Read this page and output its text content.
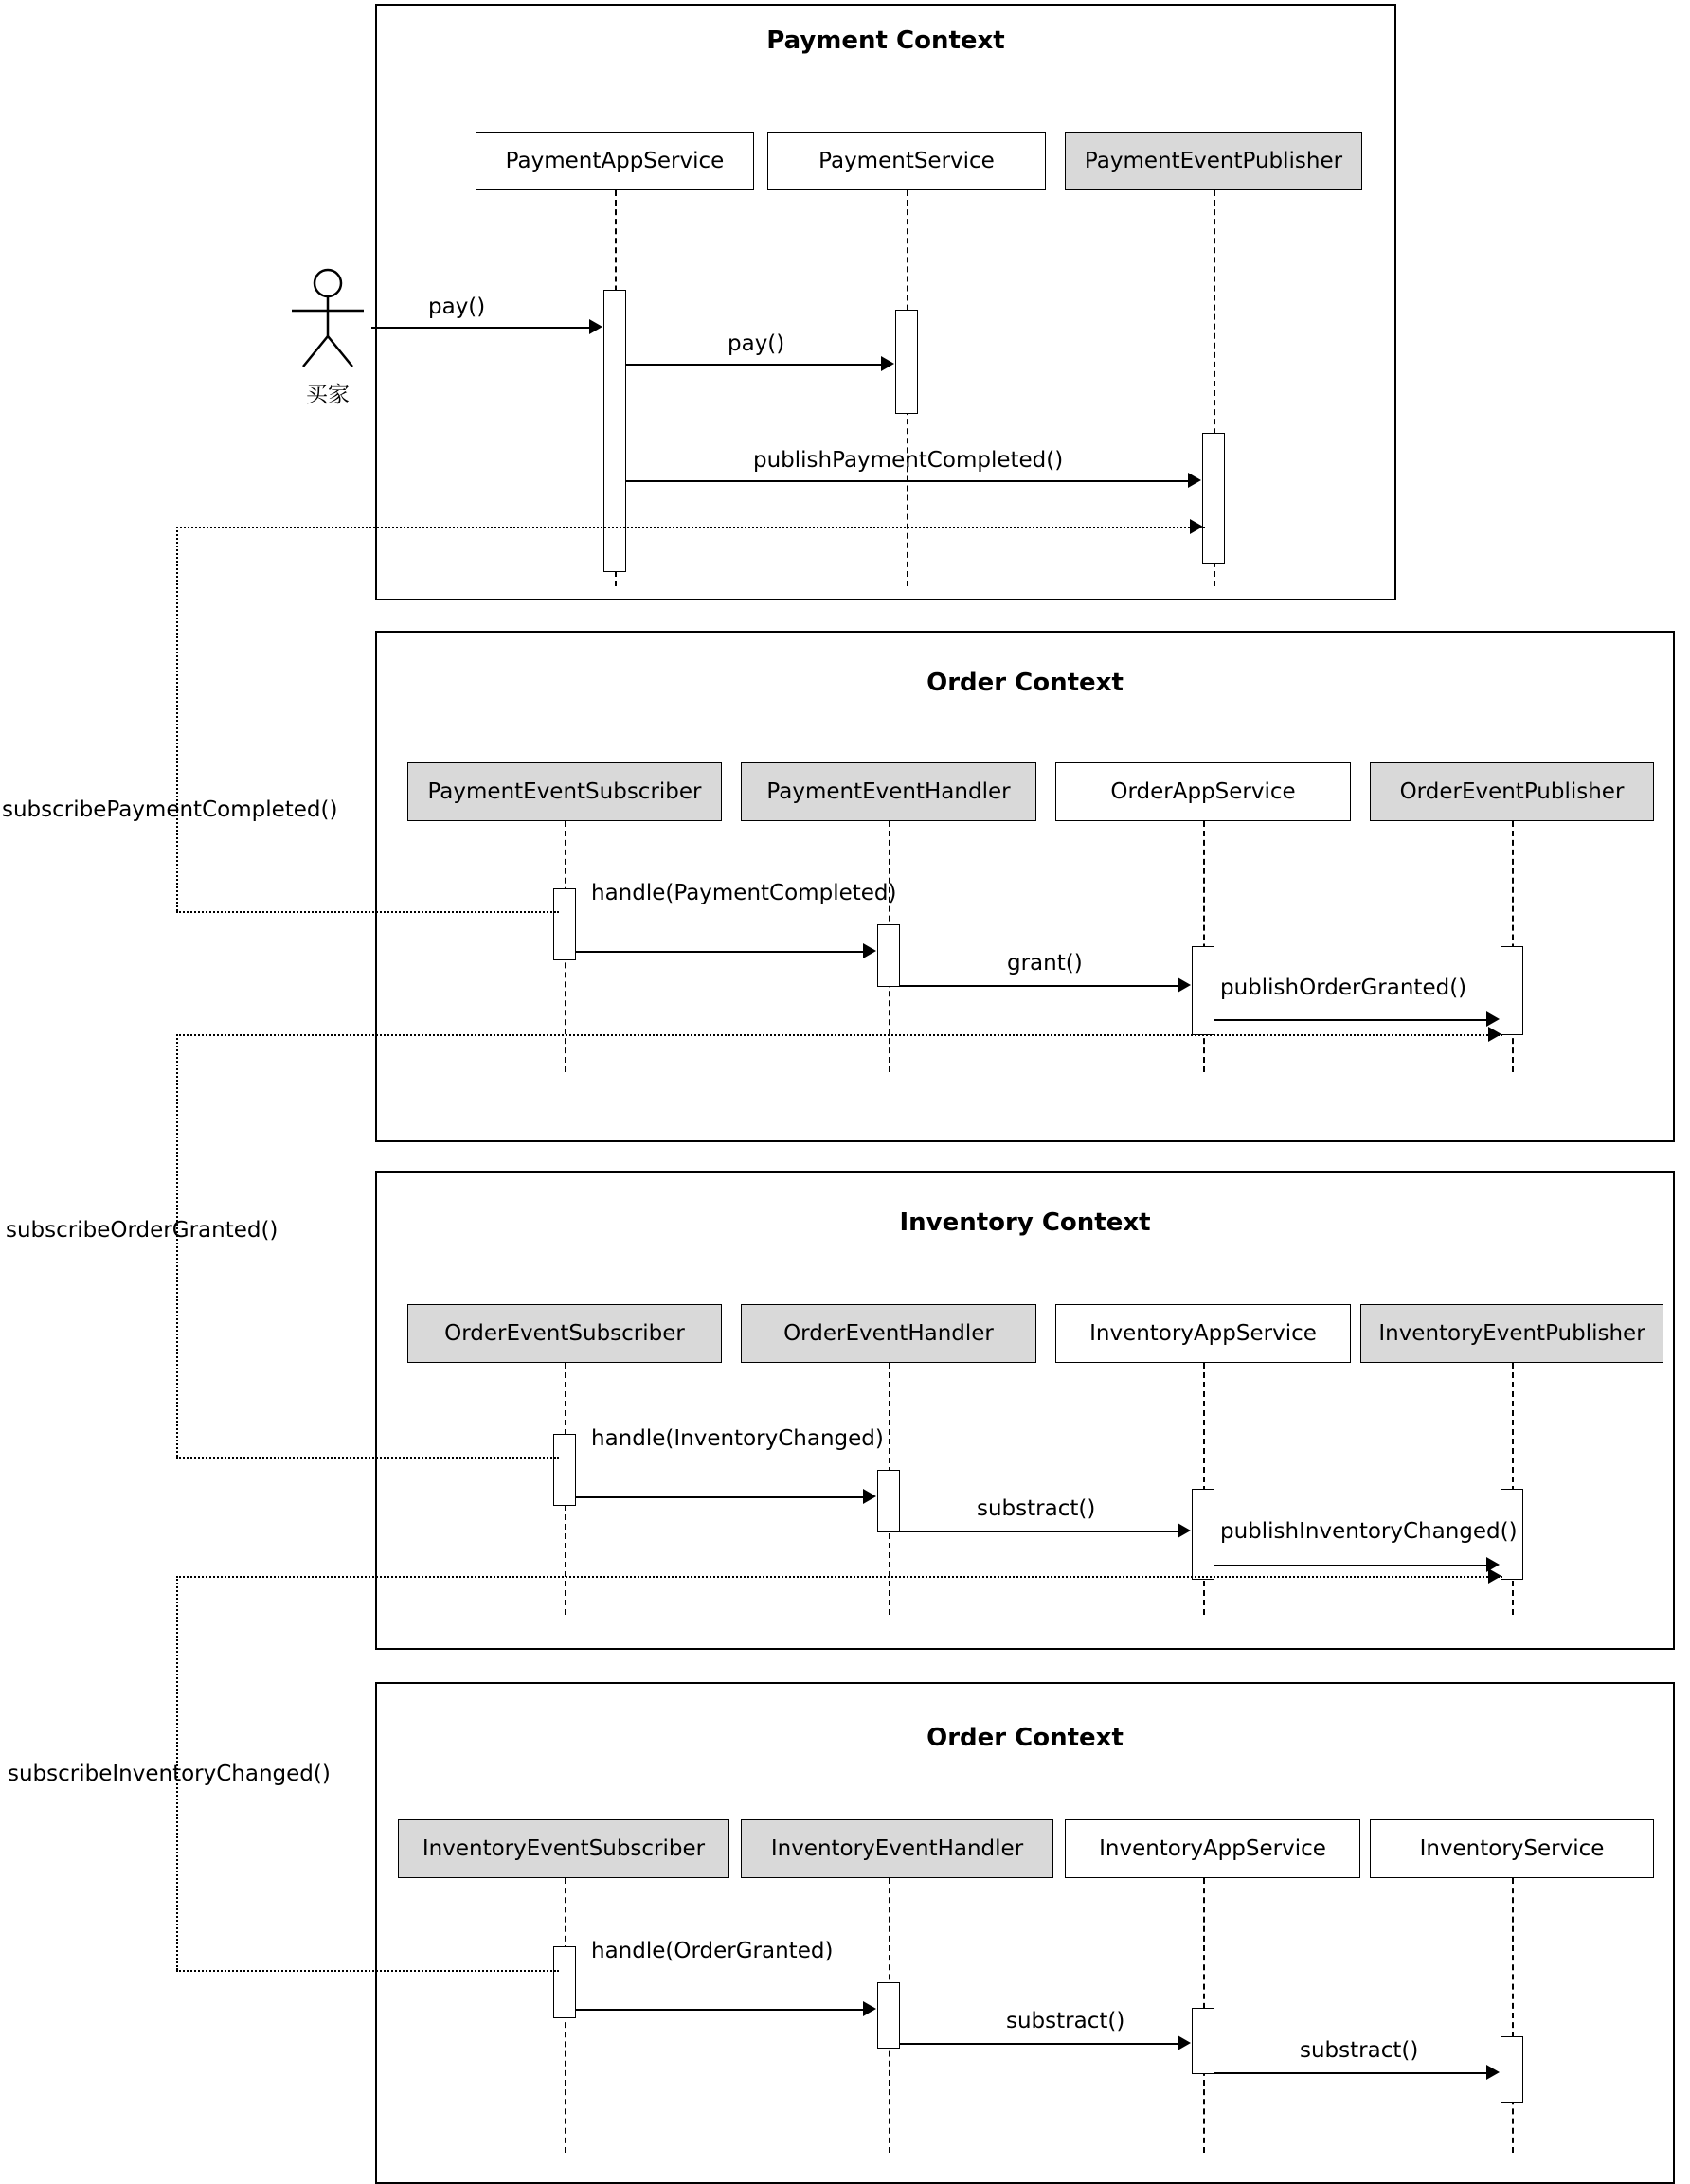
Payment Context
PaymentAppService	PaymentService	PaymentEventPublisher
买家
pay()
pay()
publishPaymentCompleted()
Order Context
PaymentEventSubscriber	PaymentEventHandler	OrderAppService	OrderEventPublisher
handle(PaymentCompleted)
grant()
publishOrderGranted()
Inventory Context
OrderEventSubscriber	OrderEventHandler	InventoryAppService	InventoryEventPublisher
handle(InventoryChanged)
substract()
publishInventoryChanged()
Order Context
InventoryEventSubscriber	InventoryEventHandler	InventoryAppService	InventoryService
handle(OrderGranted)
substract()
substract()
subscribePaymentCompleted()
subscribeOrderGranted()
subscribeInventoryChanged()
